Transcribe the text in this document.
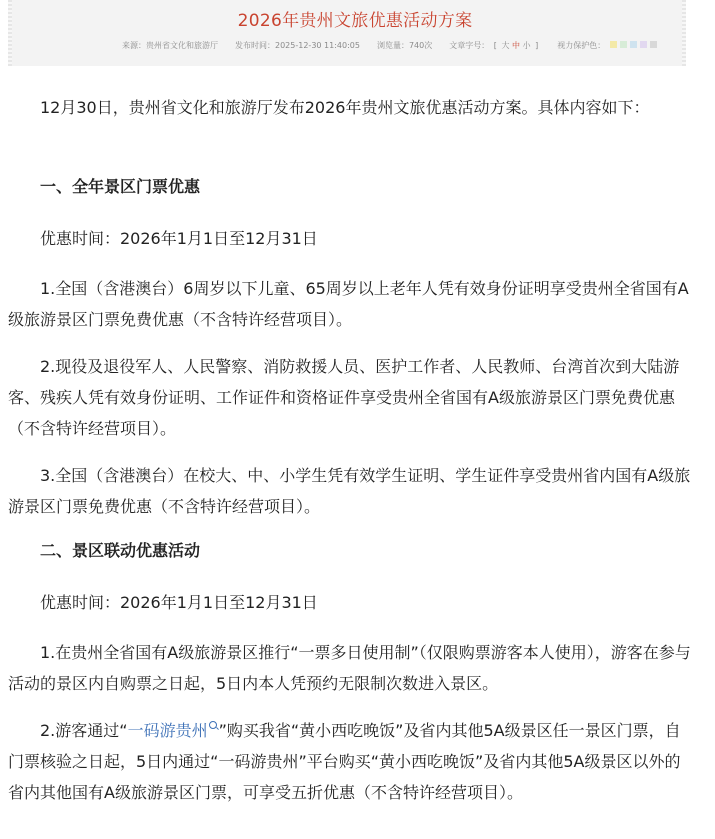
2026年贵州文旅优惠活动方案
来源：贵州省文化和旅游厅 发布时间：2025-12-30 11:40:05 浏览量：740次 文章字号： [ 大 中 小 ] 视力保护色：

12月30日，贵州省文化和旅游厅发布2026年贵州文旅优惠活动方案。具体内容如下：

一、全年景区门票优惠

优惠时间：2026年1月1日至12月31日

1.全国（含港澳台）6周岁以下儿童、65周岁以上老年人凭有效身份证明享受贵州全省国有A级旅游景区门票免费优惠（不含特许经营项目）。

2.现役及退役军人、人民警察、消防救援人员、医护工作者、人民教师、台湾首次到大陆游客、残疾人凭有效身份证明、工作证件和资格证件享受贵州全省国有A级旅游景区门票免费优惠（不含特许经营项目）。

3.全国（含港澳台）在校大、中、小学生凭有效学生证明、学生证件享受贵州省内国有A级旅游景区门票免费优惠（不含特许经营项目）。

二、景区联动优惠活动

优惠时间：2026年1月1日至12月31日

1.在贵州全省国有A级旅游景区推行“一票多日使用制”（仅限购票游客本人使用），游客在参与活动的景区内自购票之日起，5日内本人凭预约无限制次数进入景区。

2.游客通过“一码游贵州 ”购买我省“黄小西吃晚饭”及省内其他5A级景区任一景区门票，自门票核验之日起，5日内通过“一码游贵州”平台购买“黄小西吃晚饭”及省内其他5A级景区以外的省内其他国有A级旅游景区门票，可享受五折优惠（不含特许经营项目）。
